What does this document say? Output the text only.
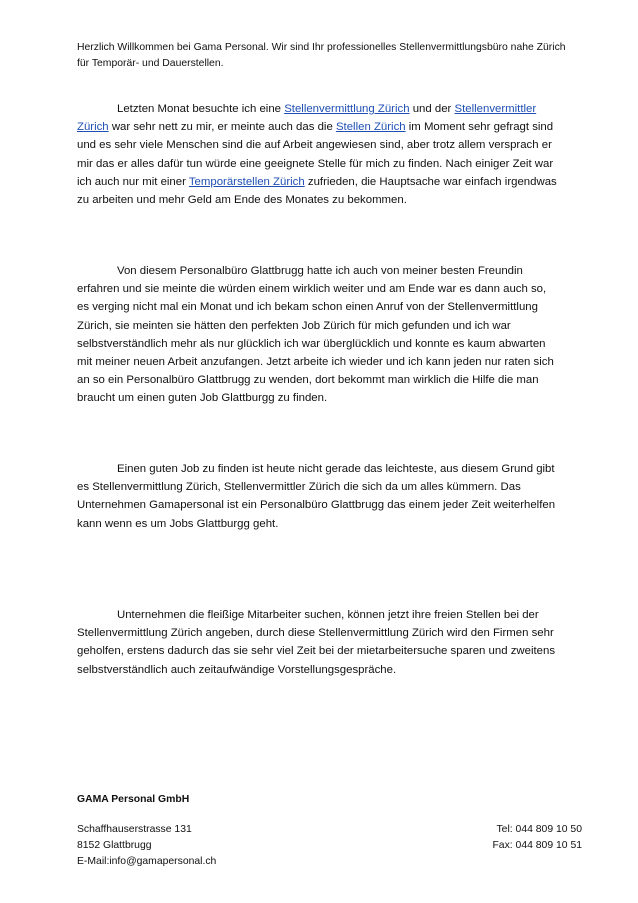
Herzlich Willkommen bei Gama Personal. Wir sind Ihr professionelles Stellenvermittlungsbüro nahe Zürich für Temporär- und Dauerstellen.
Letzten Monat besuchte ich eine Stellenvermittlung Zürich und der Stellenvermittler Zürich war sehr nett zu mir, er meinte auch das die Stellen Zürich im Moment sehr gefragt sind und es sehr viele Menschen sind die auf Arbeit angewiesen sind, aber trotz allem versprach er mir das er alles dafür tun würde eine geeignete Stelle für mich zu finden. Nach einiger Zeit war ich auch nur mit einer Temporärstellen Zürich zufrieden, die Hauptsache war einfach irgendwas zu arbeiten und mehr Geld am Ende des Monates zu bekommen.
Von diesem Personalbüro Glattbrugg hatte ich auch von meiner besten Freundin erfahren und sie meinte die würden einem wirklich weiter und am Ende war es dann auch so, es verging nicht mal ein Monat und ich bekam schon einen Anruf von der Stellenvermittlung Zürich, sie meinten sie hätten den perfekten Job Zürich für mich gefunden und ich war selbstverständlich mehr als nur glücklich ich war überglücklich und konnte es kaum abwarten mit meiner neuen Arbeit anzufangen. Jetzt arbeite ich wieder und ich kann jeden nur raten sich an so ein Personalbüro Glattbrugg zu wenden, dort bekommt man wirklich die Hilfe die man braucht um einen guten Job Glattburgg zu finden.
Einen guten Job zu finden ist heute nicht gerade das leichteste, aus diesem Grund gibt es Stellenvermittlung Zürich, Stellenvermittler Zürich die sich da um alles kümmern. Das Unternehmen Gamapersonal ist ein Personalbüro Glattbrugg das einem jeder Zeit weiterhelfen kann wenn es um Jobs Glattburgg geht.
Unternehmen die fleißige Mitarbeiter suchen, können jetzt ihre freien Stellen bei der Stellenvermittlung Zürich angeben, durch diese Stellenvermittlung Zürich wird den Firmen sehr geholfen, erstens dadurch das sie sehr viel Zeit bei der mietarbeitersuche sparen und zweitens selbstverständlich auch zeitaufwändige Vorstellungsgespräche.
GAMA Personal GmbH
Schaffhauserstrasse 131
8152 Glattbrugg
E-Mail:info@gamapersonal.ch
Tel: 044 809 10 50
Fax: 044 809 10 51
